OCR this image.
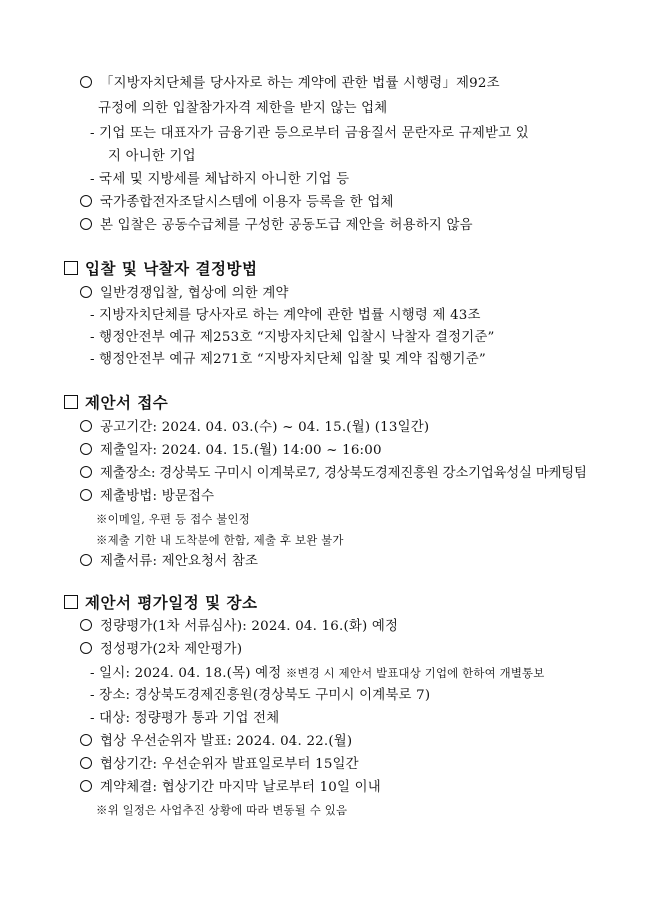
「지방자치단체를 당사자로 하는 계약에 관한 법률 시행령」제92조
규정에 의한 입찰참가자격 제한을 받지 않는 업체
- 기업 또는 대표자가 금융기관 등으로부터 금융질서 문란자로 규제받고 있
지 아니한 기업
- 국세 및 지방세를 체납하지 아니한 기업 등
국가종합전자조달시스템에 이용자 등록을 한 업체
본 입찰은 공동수급체를 구성한 공동도급 제안을 허용하지 않음
입찰 및 낙찰자 결정방법
일반경쟁입찰, 협상에 의한 계약
- 지방자치단체를 당사자로 하는 계약에 관한 법률 시행령 제 43조
- 행정안전부 예규 제253호 “지방자치단체 입찰시 낙찰자 결정기준”
- 행정안전부 예규 제271호 “지방자치단체 입찰 및 계약 집행기준”
제안서 접수
공고기간: 2024. 04. 03.(수) ~ 04. 15.(월) (13일간)
제출일자: 2024. 04. 15.(월) 14:00 ~ 16:00
제출장소: 경상북도 구미시 이계북로7, 경상북도경제진흥원 강소기업육성실 마케팅팀
제출방법: 방문접수
※이메일, 우편 등 접수 불인정
※제출 기한 내 도착분에 한함, 제출 후 보완 불가
제출서류: 제안요청서 참조
제안서 평가일정 및 장소
정량평가(1차 서류심사): 2024. 04. 16.(화) 예정
정성평가(2차 제안평가)
- 일시: 2024. 04. 18.(목) 예정 ※변경 시 제안서 발표대상 기업에 한하여 개별통보
- 장소: 경상북도경제진흥원(경상북도 구미시 이계북로 7)
- 대상: 정량평가 통과 기업 전체
협상 우선순위자 발표: 2024. 04. 22.(월)
협상기간: 우선순위자 발표일로부터 15일간
계약체결: 협상기간 마지막 날로부터 10일 이내
※위 일정은 사업추진 상황에 따라 변동될 수 있음
